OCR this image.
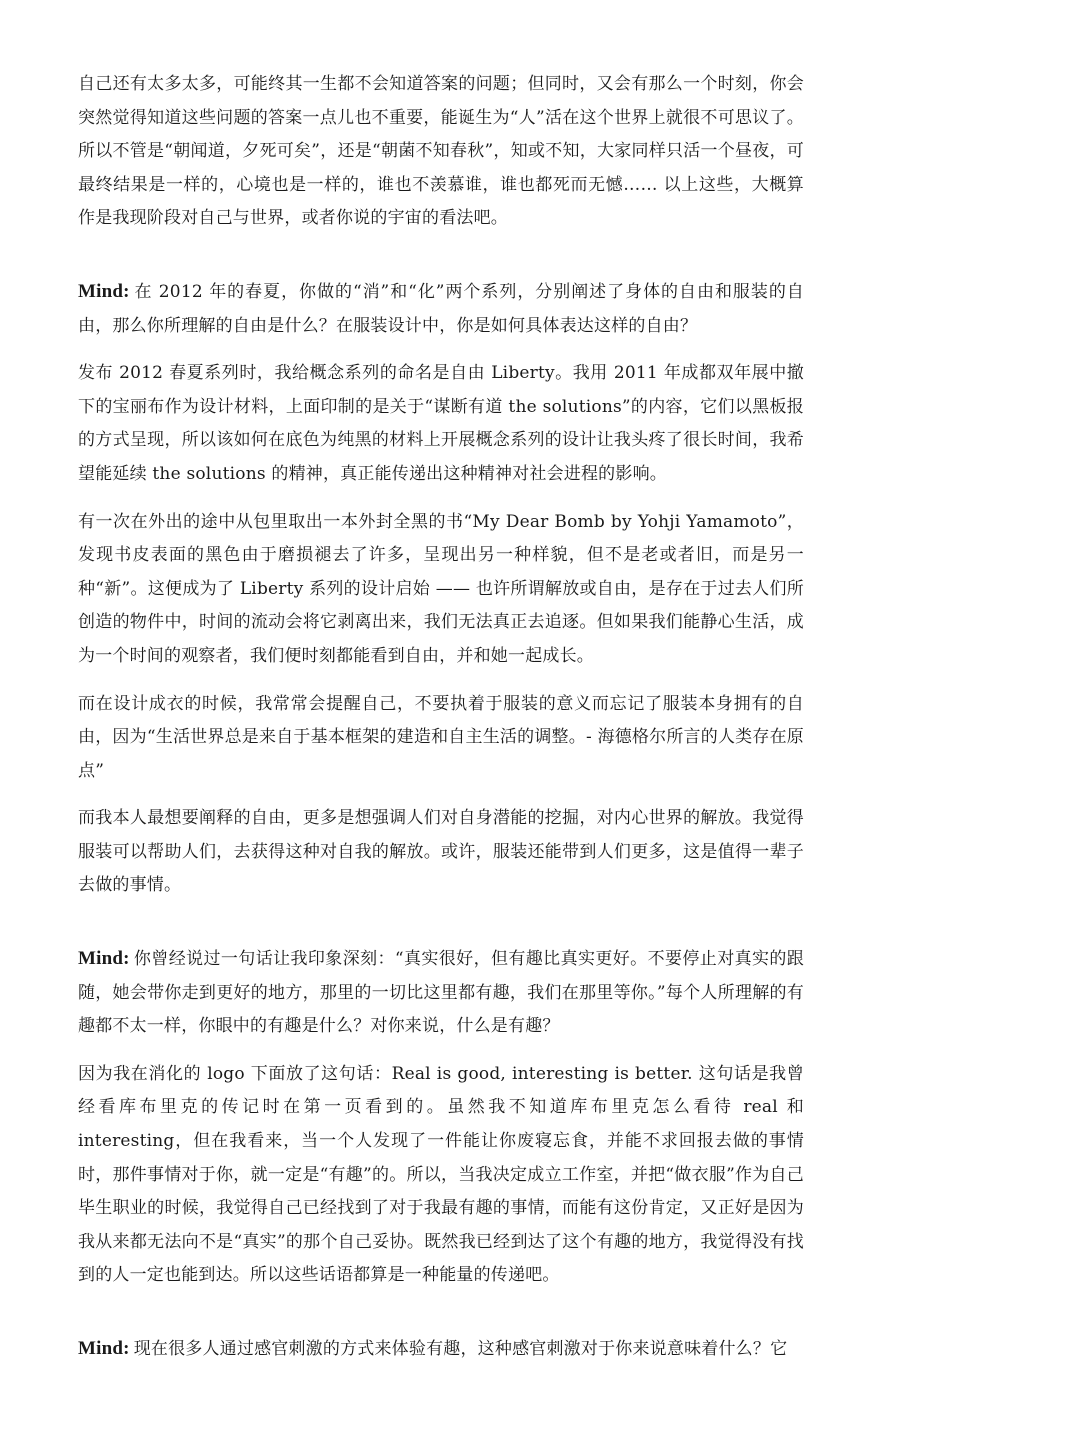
自己还有太多太多，可能终其一生都不会知道答案的问题；但同时，又会有那么一个时刻，你会突然觉得知道这些问题的答案一点儿也不重要，能诞生为“人”活在这个世界上就很不可思议了。所以不管是“朝闻道，夕死可矣”，还是“朝菌不知春秋”，知或不知，大家同样只活一个昼夜，可最终结果是一样的，心境也是一样的，谁也不羡慕谁，谁也都死而无憾…… 以上这些，大概算作是我现阶段对自己与世界，或者你说的宇宙的看法吧。

Mind: 在 2012 年的春夏，你做的“消”和“化”两个系列，分别阐述了身体的自由和服装的自由，那么你所理解的自由是什么？在服装设计中，你是如何具体表达这样的自由？

发布 2012 春夏系列时，我给概念系列的命名是自由 Liberty。我用 2011 年成都双年展中撤下的宝丽布作为设计材料，上面印制的是关于“谋断有道 the solutions”的内容，它们以黑板报的方式呈现，所以该如何在底色为纯黑的材料上开展概念系列的设计让我头疼了很长时间，我希望能延续 the solutions 的精神，真正能传递出这种精神对社会进程的影响。

有一次在外出的途中从包里取出一本外封全黑的书“My Dear Bomb by Yohji Yamamoto”，发现书皮表面的黑色由于磨损褪去了许多，呈现出另一种样貌，但不是老或者旧，而是另一种“新”。这便成为了 Liberty 系列的设计启始 —— 也许所谓解放或自由，是存在于过去人们所创造的物件中，时间的流动会将它剥离出来，我们无法真正去追逐。但如果我们能静心生活，成为一个时间的观察者，我们便时刻都能看到自由，并和她一起成长。

而在设计成衣的时候，我常常会提醒自己，不要执着于服装的意义而忘记了服装本身拥有的自由，因为“生活世界总是来自于基本框架的建造和自主生活的调整。- 海德格尔所言的人类存在原点”

而我本人最想要阐释的自由，更多是想强调人们对自身潜能的挖掘，对内心世界的解放。我觉得服装可以帮助人们，去获得这种对自我的解放。或许，服装还能带到人们更多，这是值得一辈子去做的事情。

Mind: 你曾经说过一句话让我印象深刻：“真实很好，但有趣比真实更好。不要停止对真实的跟随，她会带你走到更好的地方，那里的一切比这里都有趣，我们在那里等你。”每个人所理解的有趣都不太一样，你眼中的有趣是什么？对你来说，什么是有趣？

因为我在消化的 logo 下面放了这句话：Real is good, interesting is better. 这句话是我曾经看库布里克的传记时在第一页看到的。虽然我不知道库布里克怎么看待 real 和 interesting，但在我看来，当一个人发现了一件能让你废寝忘食，并能不求回报去做的事情时，那件事情对于你，就一定是“有趣”的。所以，当我决定成立工作室，并把“做衣服”作为自己毕生职业的时候，我觉得自己已经找到了对于我最有趣的事情，而能有这份肯定，又正好是因为我从来都无法向不是“真实”的那个自己妥协。既然我已经到达了这个有趣的地方，我觉得没有找到的人一定也能到达。所以这些话语都算是一种能量的传递吧。

Mind: 现在很多人通过感官刺激的方式来体验有趣，这种感官刺激对于你来说意味着什么？它
